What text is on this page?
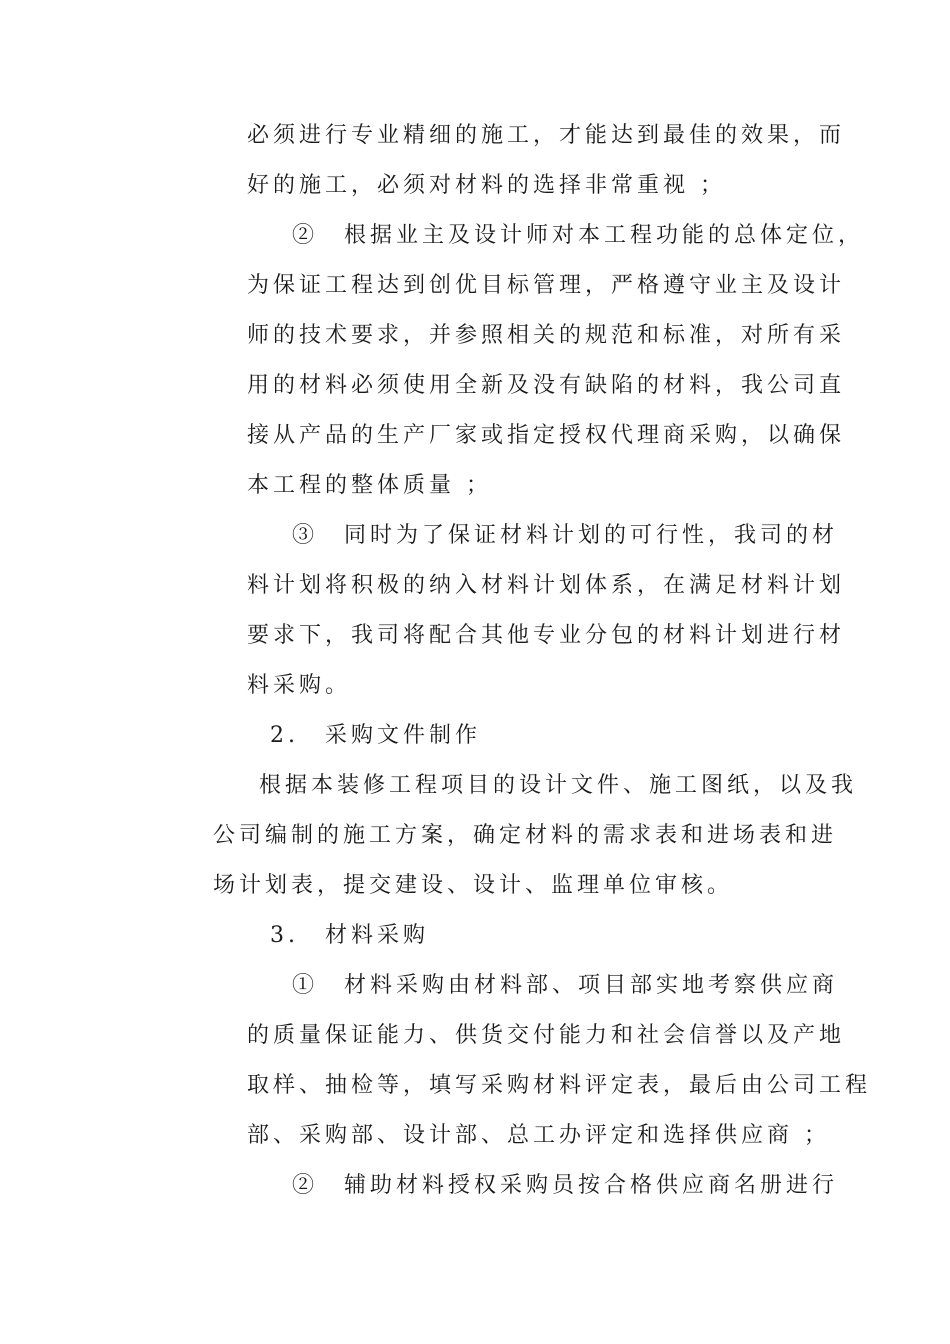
必须进行专业精细的施工，才能达到最佳的效果，而
好的施工，必须对材料的选择非常重视 ；
②　根据业主及设计师对本工程功能的总体定位，
为保证工程达到创优目标管理，严格遵守业主及设计
师的技术要求，并参照相关的规范和标准，对所有采
用的材料必须使用全新及没有缺陷的材料，我公司直
接从产品的生产厂家或指定授权代理商采购，以确保
本工程的整体质量 ；
③　同时为了保证材料计划的可行性，我司的材
料计划将积极的纳入材料计划体系，在满足材料计划
要求下，我司将配合其他专业分包的材料计划进行材
料采购。
2.　采购文件制作
根据本装修工程项目的设计文件、施工图纸，以及我
公司编制的施工方案，确定材料的需求表和进场表和进
场计划表，提交建设、设计、监理单位审核。
3.　材料采购
①　材料采购由材料部、项目部实地考察供应商
的质量保证能力、供货交付能力和社会信誉以及产地
取样、抽检等，填写采购材料评定表，最后由公司工程
部、采购部、设计部、总工办评定和选择供应商 ；
②　辅助材料授权采购员按合格供应商名册进行
